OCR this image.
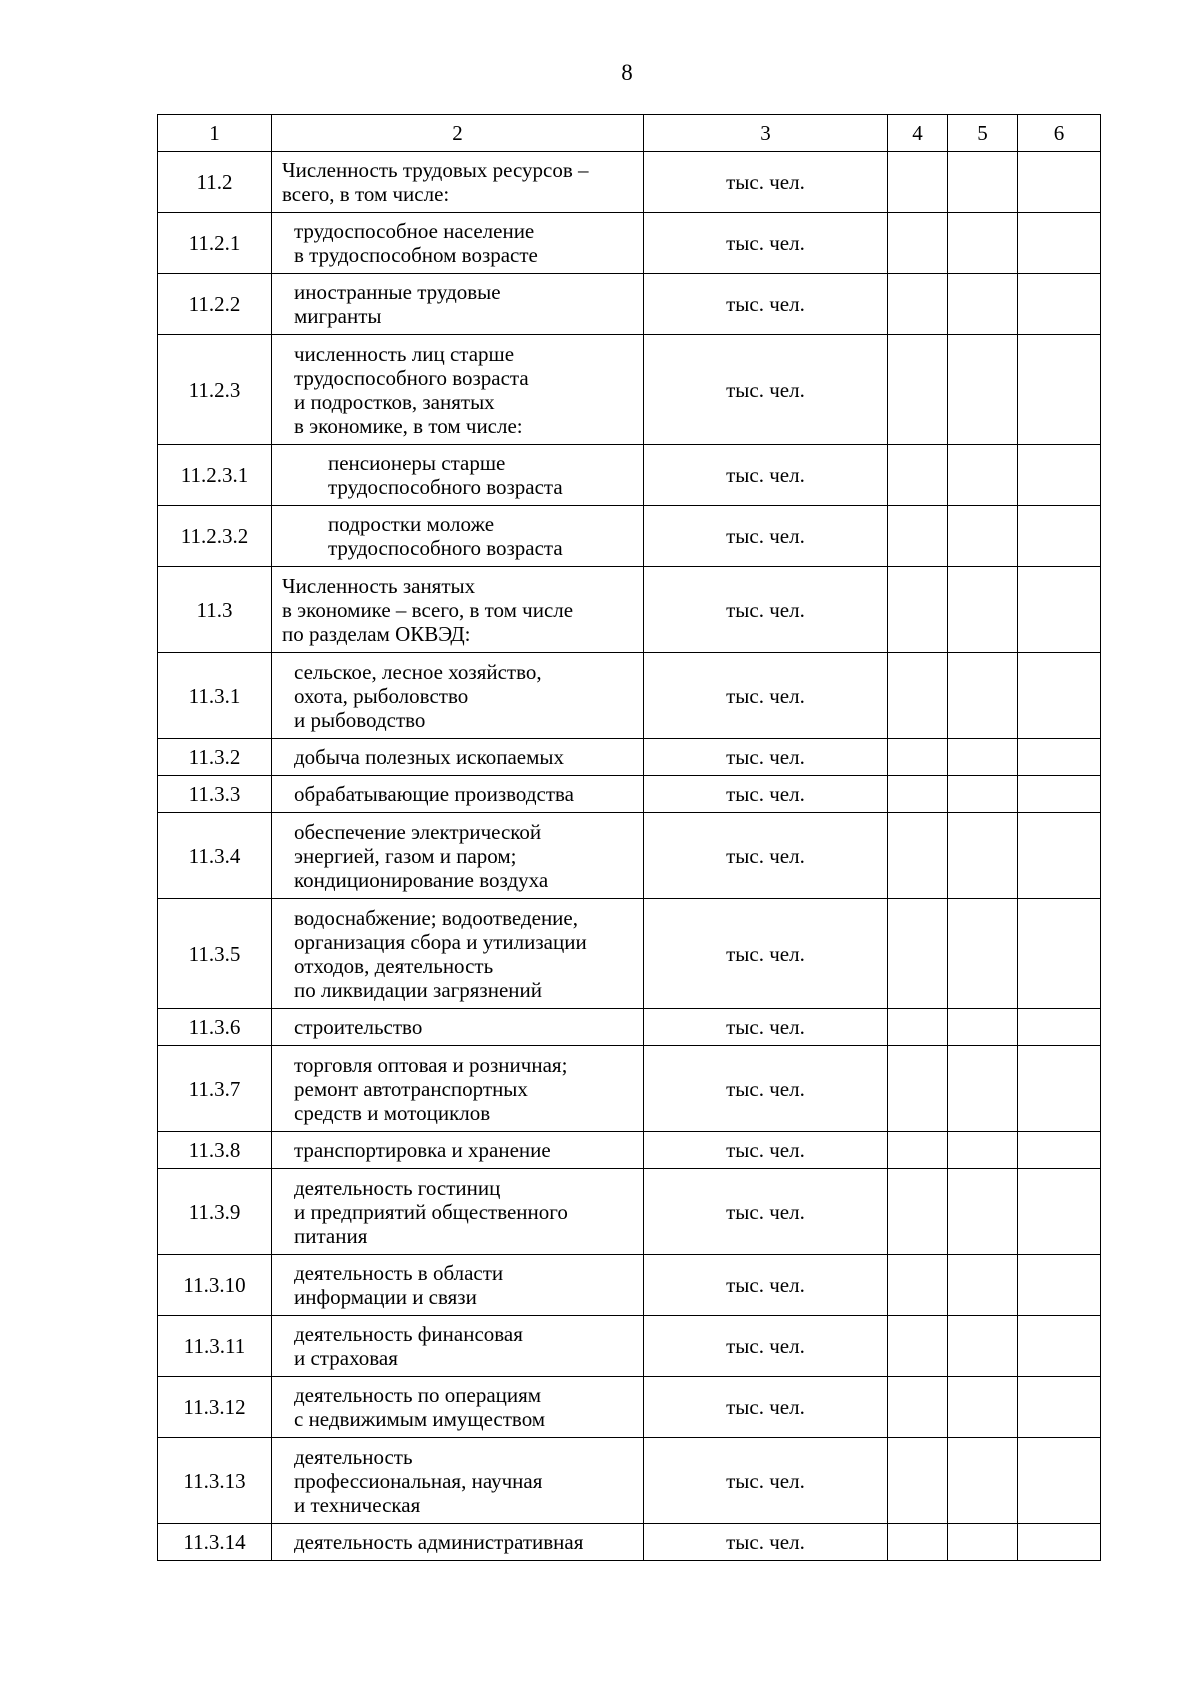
8
1	2	3	4	5	6
11.2	Численность трудовых ресурсов –
всего, в том числе:	тыс. чел.			
11.2.1	трудоспособное население
в трудоспособном возрасте	тыс. чел.			
11.2.2	иностранные трудовые
мигранты	тыс. чел.			
11.2.3	численность лиц старше
трудоспособного возраста
и подростков, занятых
в экономике, в том числе:	тыс. чел.			
11.2.3.1	пенсионеры старше
трудоспособного возраста	тыс. чел.			
11.2.3.2	подростки моложе
трудоспособного возраста	тыс. чел.			
11.3	Численность занятых
в экономике – всего, в том числе
по разделам ОКВЭД:	тыс. чел.			
11.3.1	сельское, лесное хозяйство,
охота, рыболовство
и рыбоводство	тыс. чел.			
11.3.2	добыча полезных ископаемых	тыс. чел.			
11.3.3	обрабатывающие производства	тыс. чел.			
11.3.4	обеспечение электрической
энергией, газом и паром;
кондиционирование воздуха	тыс. чел.			
11.3.5	водоснабжение; водоотведение,
организация сбора и утилизации
отходов, деятельность
по ликвидации загрязнений	тыс. чел.			
11.3.6	строительство	тыс. чел.			
11.3.7	торговля оптовая и розничная;
ремонт автотранспортных
средств и мотоциклов	тыс. чел.			
11.3.8	транспортировка и хранение	тыс. чел.			
11.3.9	деятельность гостиниц
и предприятий общественного
питания	тыс. чел.			
11.3.10	деятельность в области
информации и связи	тыс. чел.			
11.3.11	деятельность финансовая
и страховая	тыс. чел.			
11.3.12	деятельность по операциям
с недвижимым имуществом	тыс. чел.			
11.3.13	деятельность
профессиональная, научная
и техническая	тыс. чел.			
11.3.14	деятельность административная	тыс. чел.			
